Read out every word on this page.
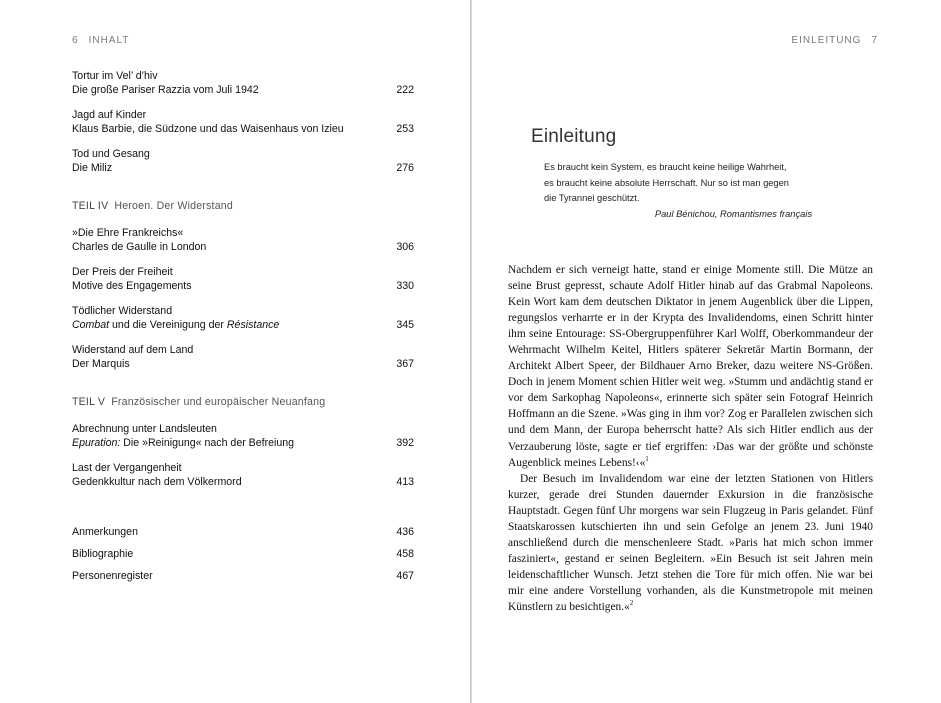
6 INHALT
Tortur im Vel’ d’hiv
Die große Pariser Razzia vom Juli 1942	222
Jagd auf Kinder
Klaus Barbie, die Südzone und das Waisenhaus von Izieu	253
Tod und Gesang
Die Miliz	276
TEIL IV Heroen. Der Widerstand
»Die Ehre Frankreichs«
Charles de Gaulle in London	306
Der Preis der Freiheit
Motive des Engagements	330
Tödlicher Widerstand
Combat und die Vereinigung der Résistance	345
Widerstand auf dem Land
Der Marquis	367
TEIL V Französischer und europäischer Neuanfang
Abrechnung unter Landsleuten
Epuration: Die »Reinigung« nach der Befreiung	392
Last der Vergangenheit
Gedenkkultur nach dem Völkermord	413
Anmerkungen	436
Bibliographie	458
Personenregister	467
EINLEITUNG 7
Einleitung
Es braucht kein System, es braucht keine heilige Wahrheit,
es braucht keine absolute Herrschaft. Nur so ist man gegen
die Tyrannei geschützt.
Paul Bénichou, Romantismes français

Nachdem er sich verneigt hatte, stand er einige Momente still. Die Mütze an seine Brust gepresst, schaute Adolf Hitler hinab auf das Grabmal Napoleons. Kein Wort kam dem deutschen Diktator in jenem Augenblick über die Lippen, regungslos verharrte er in der Krypta des Invalidendoms, einen Schritt hinter ihm seine Entourage: SS-Obergruppenführer Karl Wolff, Oberkommandeur der Wehrmacht Wilhelm Keitel, Hitlers späterer Sekretär Martin Bormann, der Architekt Albert Speer, der Bildhauer Arno Breker, dazu weitere NS-Größen. Doch in jenem Moment schien Hitler weit weg. »Stumm und andächtig stand er vor dem Sarkophag Napoleons«, erinnerte sich später sein Fotograf Heinrich Hoffmann an die Szene. »Was ging in ihm vor? Zog er Parallelen zwischen sich und dem Mann, der Europa beherrscht hatte? Als sich Hitler endlich aus der Verzauberung löste, sagte er tief ergriffen: ›Das war der größte und schönste Augenblick meines Lebens!‹«$^1$

Der Besuch im Invalidendom war eine der letzten Stationen von Hitlers kurzer, gerade drei Stunden dauernder Exkursion in die französische Hauptstadt. Gegen fünf Uhr morgens war sein Flugzeug in Paris gelandet. Fünf Staatskarossen kutschierten ihn und sein Gefolge an jenem 23. Juni 1940 anschließend durch die menschenleere Stadt. »Paris hat mich schon immer fasziniert«, gestand er seinen Begleitern. »Ein Besuch ist seit Jahren mein leidenschaftlicher Wunsch. Jetzt stehen die Tore für mich offen. Nie war bei mir eine andere Vorstellung vorhanden, als die Kunstmetropole mit meinen Künstlern zu besichtigen.«$^2$
